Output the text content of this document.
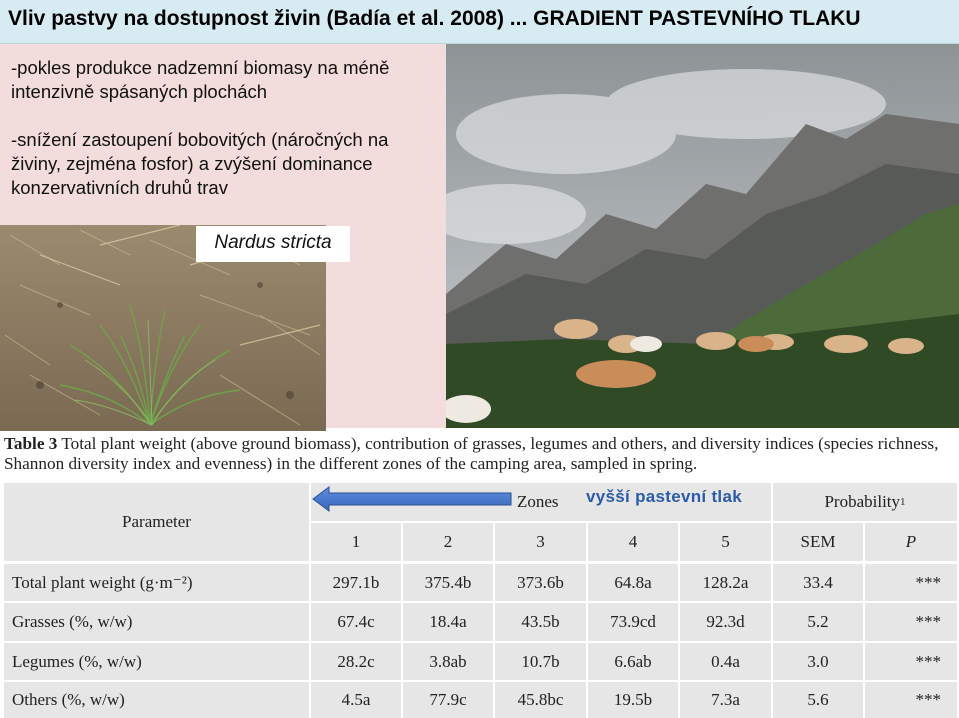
Vliv pastvy na dostupnost živin (Badía et al. 2008) ... GRADIENT PASTEVNÍHO TLAKU
-pokles produkce nadzemní biomasy na méně intenzivně spásaných plochách
-snížení zastoupení bobovitých (náročných na živiny, zejména fosfor) a zvýšení dominance konzervativních druhů trav
Nardus stricta
Table 3 Total plant weight (above ground biomass), contribution of grasses, legumes and others, and diversity indices (species richness, Shannon diversity index and evenness) in the different zones of the camping area, sampled in spring.
Parameter
Zones	Probability 1
1	2	3	4	5	SEM	P
Total plant weight (g·m⁻²)	297.1b	375.4b	373.6b	64.8a	128.2a	33.4	***
Grasses (%, w/w)	67.4c	18.4a	43.5b	73.9cd	92.3d	5.2	***
Legumes (%, w/w)	28.2c	3.8ab	10.7b	6.6ab	0.4a	3.0	***
Others (%, w/w)	4.5a	77.9c	45.8bc	19.5b	7.3a	5.6	***
vyšší pastevní tlak
